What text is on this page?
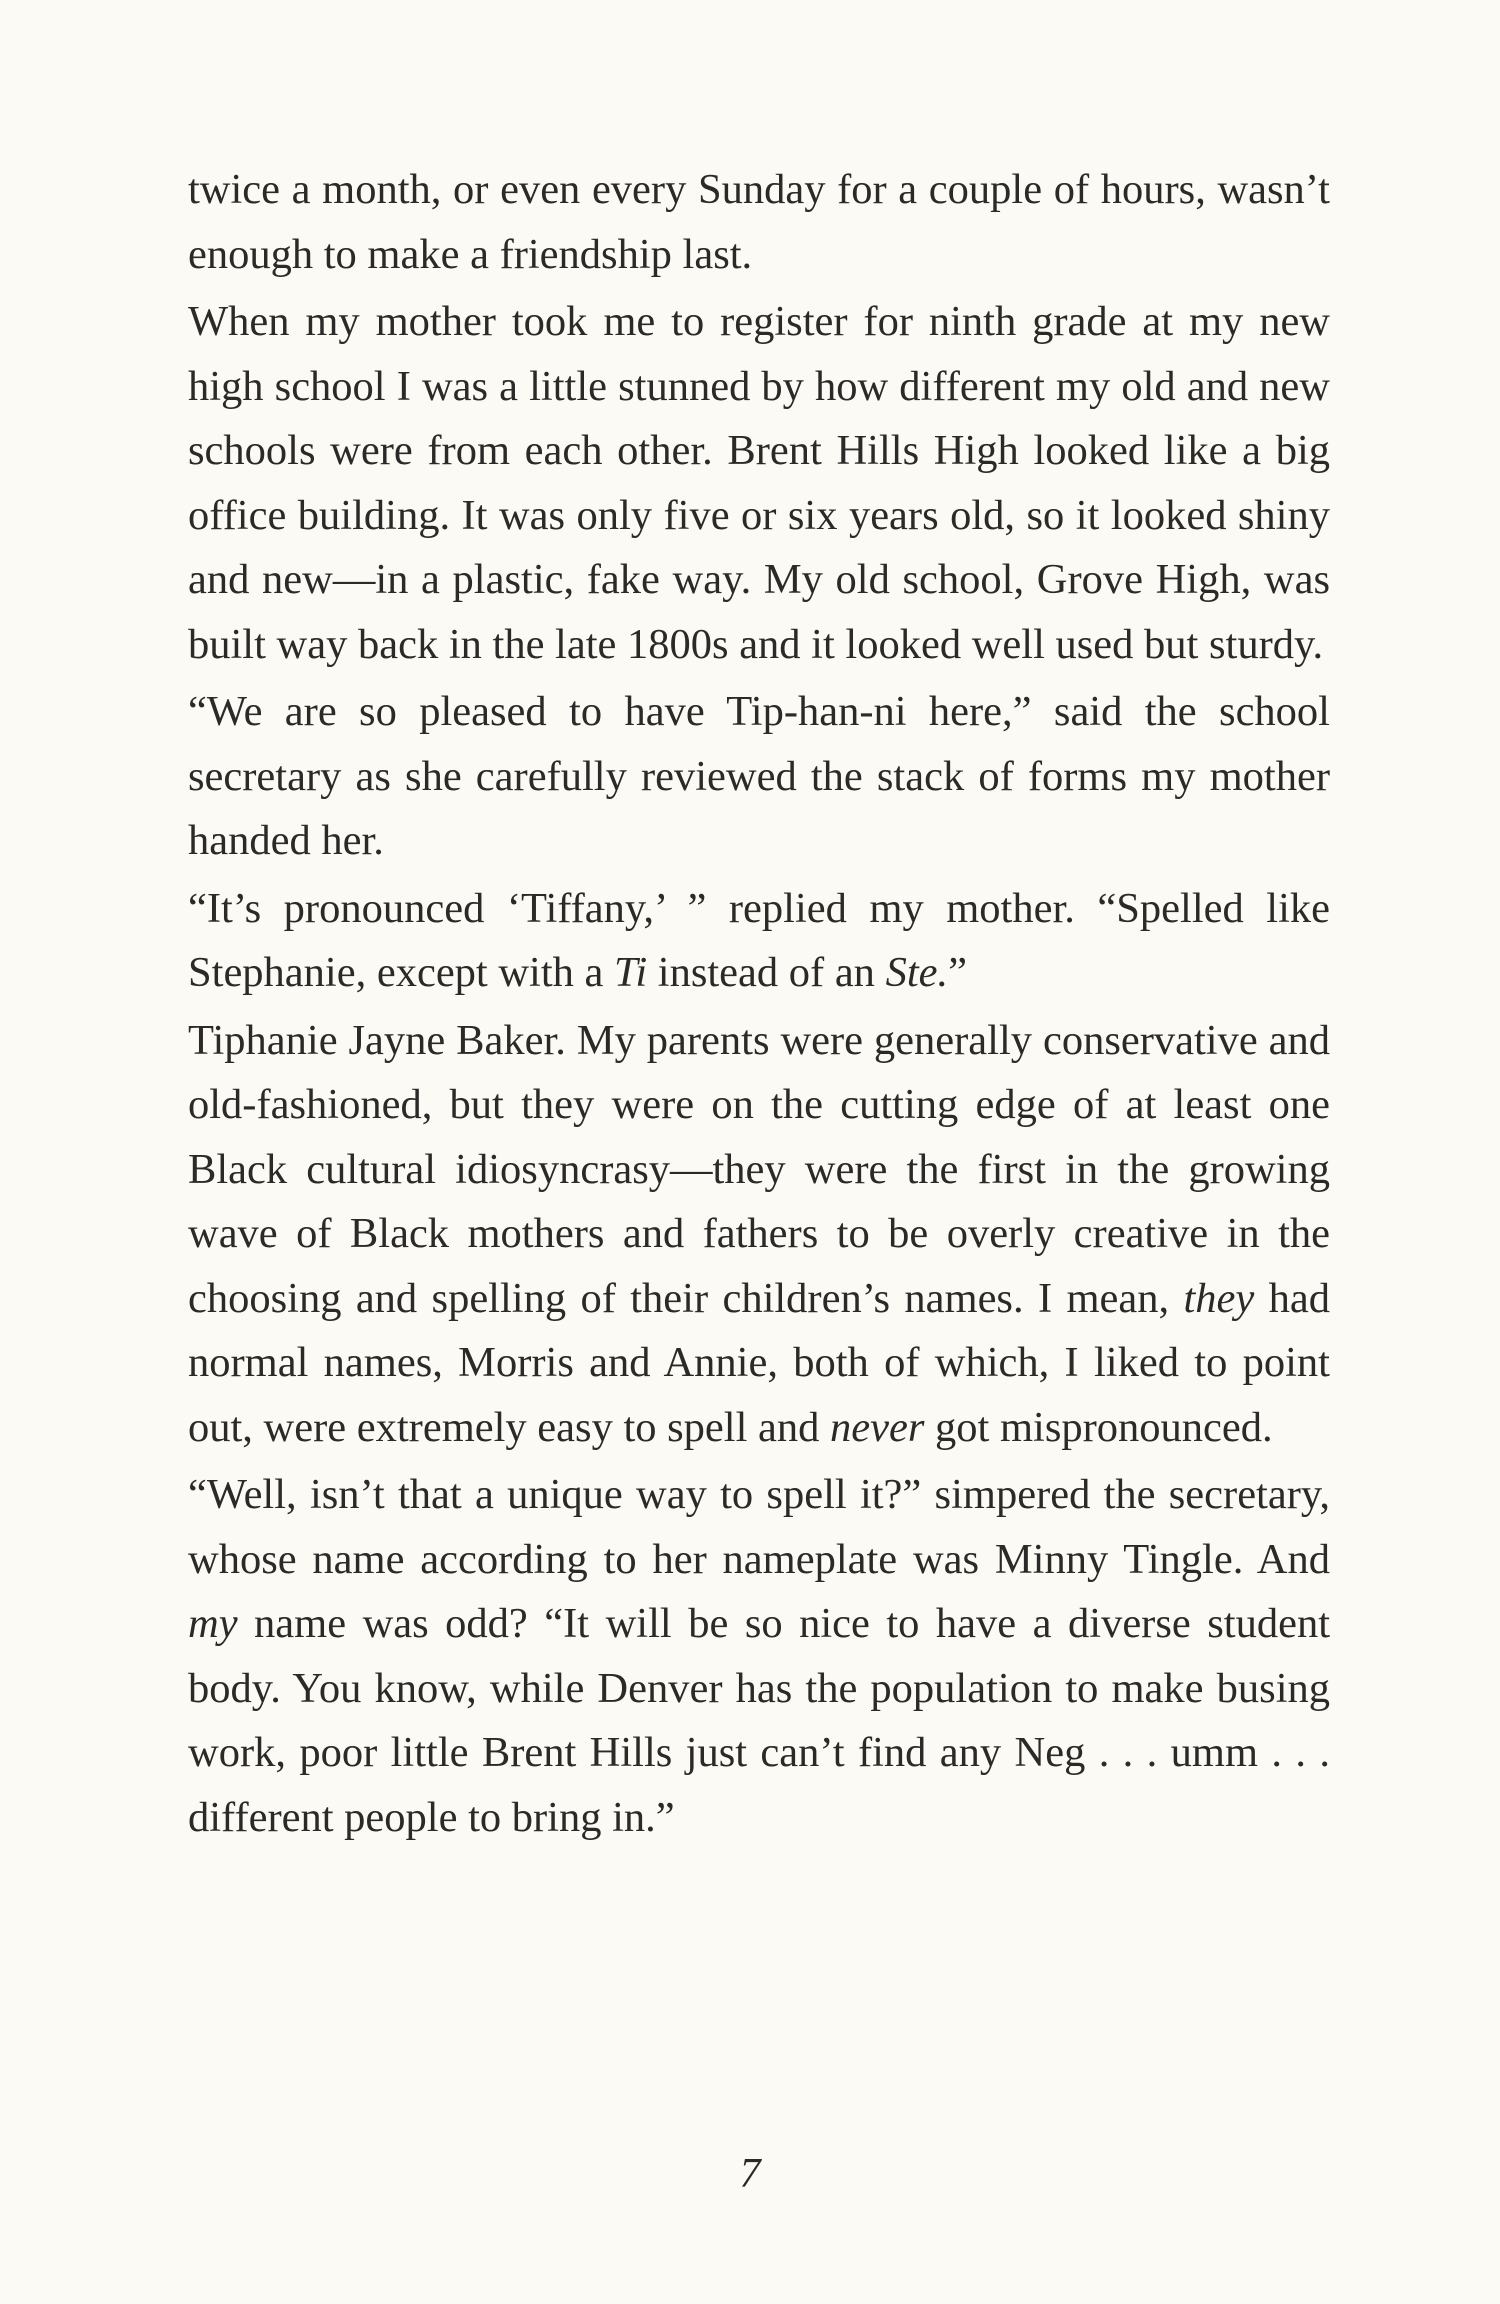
twice a month, or even every Sunday for a couple of hours, wasn’t enough to make a friendship last.

When my mother took me to register for ninth grade at my new high school I was a little stunned by how different my old and new schools were from each other. Brent Hills High looked like a big office building. It was only five or six years old, so it looked shiny and new—in a plastic, fake way. My old school, Grove High, was built way back in the late 1800s and it looked well used but sturdy.

“We are so pleased to have Tip-han-ni here,” said the school secretary as she carefully reviewed the stack of forms my mother handed her.

“It’s pronounced ‘Tiffany,’ ” replied my mother. “Spelled like Stephanie, except with a Ti instead of an Ste.”

Tiphanie Jayne Baker. My parents were generally conservative and old-fashioned, but they were on the cutting edge of at least one Black cultural idiosyncrasy—they were the first in the growing wave of Black mothers and fathers to be overly creative in the choosing and spelling of their children’s names. I mean, they had normal names, Morris and Annie, both of which, I liked to point out, were extremely easy to spell and never got mispronounced.

“Well, isn’t that a unique way to spell it?” simpered the secretary, whose name according to her nameplate was Minny Tingle. And my name was odd? “It will be so nice to have a diverse student body. You know, while Denver has the population to make busing work, poor little Brent Hills just can’t find any Neg . . . umm . . . different people to bring in.”

7
